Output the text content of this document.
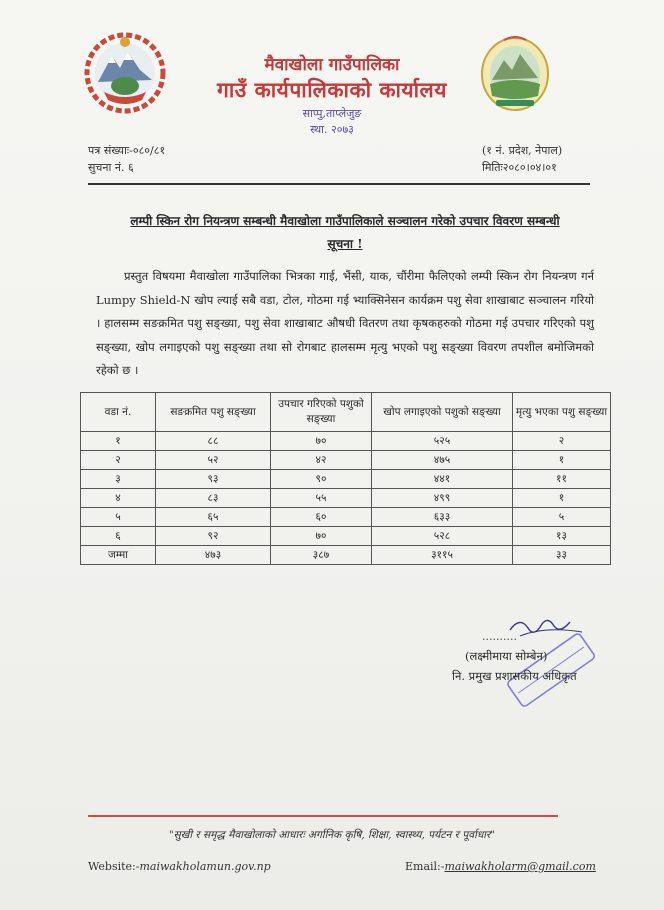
मैवाखोला गाउँपालिका
गाउँ कार्यपालिकाको कार्यालय
साप्पु,ताप्लेजुङ
स्था. २०७३
पत्र संख्याः-०८०/८१
सुचना नं. ६
(१ नं. प्रदेश, नेपाल)
मितिः२०८०।०४।०१
लम्पी स्किन रोग नियन्त्रण सम्बन्धी मैवाखोला गाउँपालिकाले सञ्चालन गरेको उपचार विवरण सम्बन्धी
सूचना !
प्रस्तुत विषयमा मैवाखोला गाउँपालिका भित्रका गाई, भैंसी, याक, चौंरीमा फैलिएको लम्पी स्किन रोग नियन्त्रण गर्न Lumpy Shield-N खोप ल्याई सबै वडा, टोल, गोठमा गई भ्याक्सिनेसन कार्यक्रम पशु सेवा शाखाबाट सञ्चालन गरियो । हालसम्म सङक्रमित पशु सङ्ख्या, पशु सेवा शाखाबाट औषधी वितरण तथा कृषकहरुको गोठमा गई उपचार गरिएको पशु सङ्ख्या, खोप लगाइएको पशु सङ्ख्या तथा सो रोगबाट हालसम्म मृत्यु भएको पशु सङ्ख्या विवरण तपशील बमोजिमको रहेको छ ।
वडा नं.	सङक्रमित पशु सङ्ख्या	उपचार गरिएको पशुको सङ्ख्या	खोप लगाइएको पशुको सङ्ख्या	मृत्यु भएका पशु सङ्ख्या
१	८८	७०	५२५	२
२	५२	४२	४७५	१
३	९३	९०	४४१	११
४	८३	५५	४९९	१
५	६५	६०	६३३	५
६	९२	७०	५२८	१३
जम्मा	४७३	३८७	३११५	३३
..........
(लक्ष्मीमाया सोम्बेन)
नि. प्रमुख प्रशासकीय अधिकृत
"सुखी र समृद्ध मैवाखोलाको आधारः अर्गानिक कृषि, शिक्षा, स्वास्थ्य, पर्यटन र पूर्वाधार"
Website:-maiwakholamun.gov.np	Email:-maiwakholarm@gmail.com
